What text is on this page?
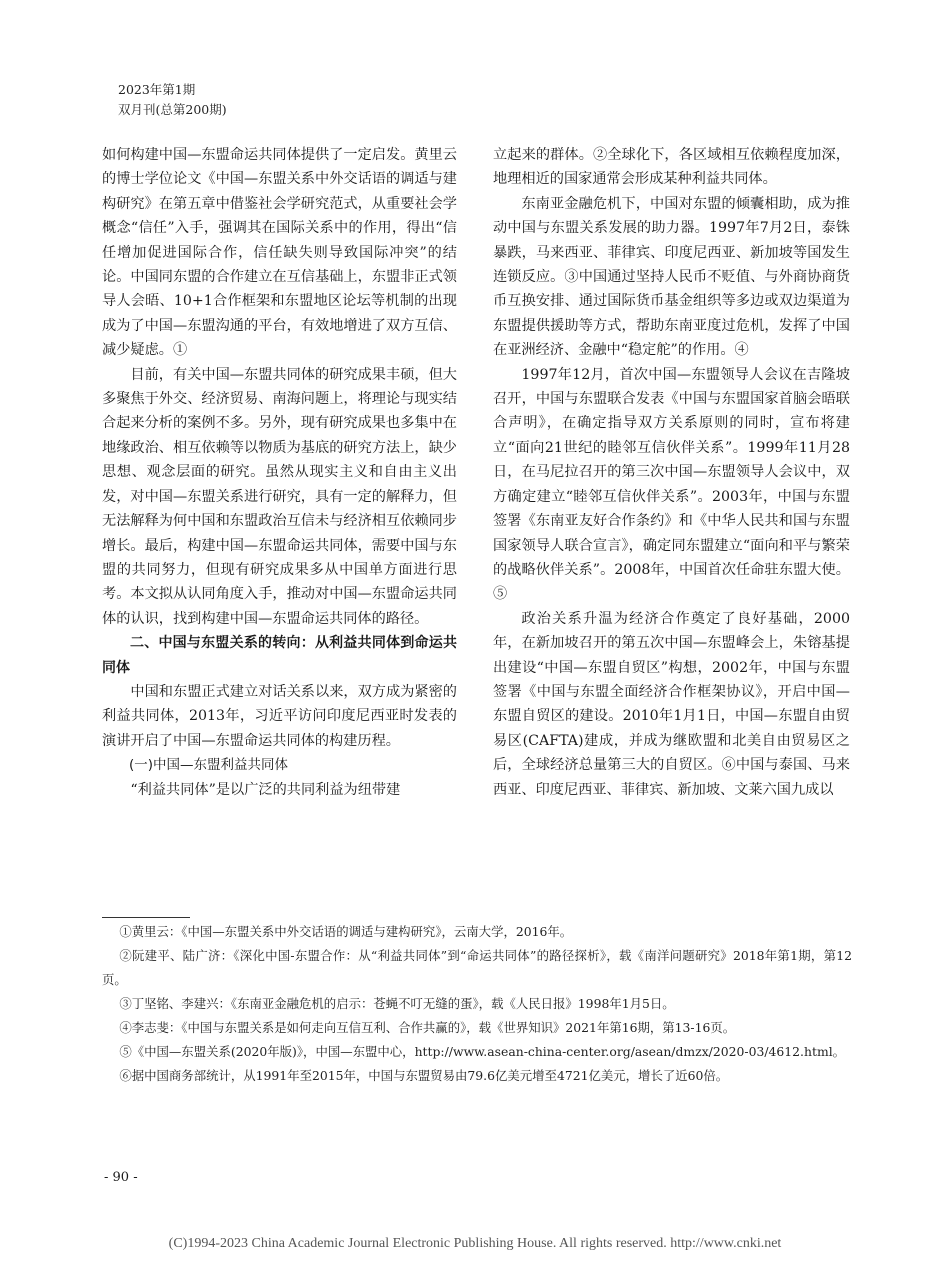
2023年第1期
双月刊(总第200期)

如何构建中国—东盟命运共同体提供了一定启发。黄里云的博士学位论文《中国—东盟关系中外交话语的调适与建构研究》在第五章中借鉴社会学研究范式，从重要社会学概念“信任”入手，强调其在国际关系中的作用，得出“信任增加促进国际合作，信任缺失则导致国际冲突”的结论。中国同东盟的合作建立在互信基础上，东盟非正式领导人会晤、10+1合作框架和东盟地区论坛等机制的出现成为了中国—东盟沟通的平台，有效地增进了双方互信、减少疑虑。①

目前，有关中国—东盟共同体的研究成果丰硕，但大多聚焦于外交、经济贸易、南海问题上，将理论与现实结合起来分析的案例不多。另外，现有研究成果也多集中在地缘政治、相互依赖等以物质为基底的研究方法上，缺少思想、观念层面的研究。虽然从现实主义和自由主义出发，对中国—东盟关系进行研究，具有一定的解释力，但无法解释为何中国和东盟政治互信未与经济相互依赖同步增长。最后，构建中国—东盟命运共同体，需要中国与东盟的共同努力，但现有研究成果多从中国单方面进行思考。本文拟从认同角度入手，推动对中国—东盟命运共同体的认识，找到构建中国—东盟命运共同体的路径。

二、中国与东盟关系的转向：从利益共同体到命运共同体

中国和东盟正式建立对话关系以来，双方成为紧密的利益共同体，2013年，习近平访问印度尼西亚时发表的演讲开启了中国—东盟命运共同体的构建历程。

(一)中国—东盟利益共同体

“利益共同体”是以广泛的共同利益为纽带建

立起来的群体。②全球化下，各区域相互依赖程度加深，地理相近的国家通常会形成某种利益共同体。

东南亚金融危机下，中国对东盟的倾囊相助，成为推动中国与东盟关系发展的助力器。1997年7月2日，泰铢暴跌，马来西亚、菲律宾、印度尼西亚、新加坡等国发生连锁反应。③中国通过坚持人民币不贬值、与外商协商货币互换安排、通过国际货币基金组织等多边或双边渠道为东盟提供援助等方式，帮助东南亚度过危机，发挥了中国在亚洲经济、金融中“稳定舵”的作用。④

1997年12月，首次中国—东盟领导人会议在吉隆坡召开，中国与东盟联合发表《中国与东盟国家首脑会晤联合声明》，在确定指导双方关系原则的同时，宣布将建立“面向21世纪的睦邻互信伙伴关系”。1999年11月28日，在马尼拉召开的第三次中国—东盟领导人会议中，双方确定建立“睦邻互信伙伴关系”。2003年，中国与东盟签署《东南亚友好合作条约》和《中华人民共和国与东盟国家领导人联合宣言》，确定同东盟建立“面向和平与繁荣的战略伙伴关系”。2008年，中国首次任命驻东盟大使。⑤

政治关系升温为经济合作奠定了良好基础，2000年，在新加坡召开的第五次中国—东盟峰会上，朱镕基提出建设“中国—东盟自贸区”构想，2002年，中国与东盟签署《中国与东盟全面经济合作框架协议》，开启中国—东盟自贸区的建设。2010年1月1日，中国—东盟自由贸易区(CAFTA)建成，并成为继欧盟和北美自由贸易区之后，全球经济总量第三大的自贸区。⑥中国与泰国、马来西亚、印度尼西亚、菲律宾、新加坡、文莱六国九成以

①黄里云：《中国—东盟关系中外交话语的调适与建构研究》，云南大学，2016年。

②阮建平、陆广济：《深化中国-东盟合作：从“利益共同体”到“命运共同体”的路径探析》，载《南洋问题研究》2018年第1期，第12页。

③丁坚铭、李建兴：《东南亚金融危机的启示：苍蝇不叮无缝的蛋》，载《人民日报》1998年1月5日。

④李志斐：《中国与东盟关系是如何走向互信互利、合作共赢的》，载《世界知识》2021年第16期，第13-16页。

⑤《中国—东盟关系(2020年版)》，中国—东盟中心，http://www.asean-china-center.org/asean/dmzx/2020-03/4612.html。

⑥据中国商务部统计，从1991年至2015年，中国与东盟贸易由79.6亿美元增至4721亿美元，增长了近60倍。

- 90 -
(C)1994-2023 China Academic Journal Electronic Publishing House. All rights reserved. http://www.cnki.net
